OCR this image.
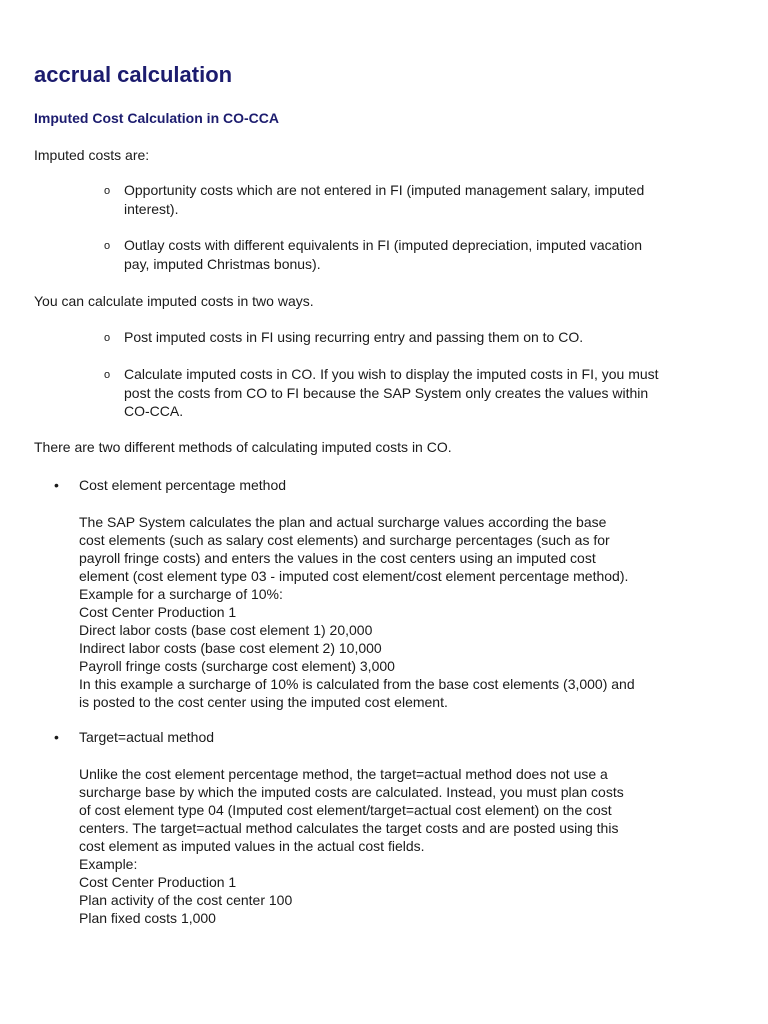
accrual calculation
Imputed Cost Calculation in CO-CCA

Imputed costs are:

o Opportunity costs which are not entered in FI (imputed management salary, imputed interest).
o Outlay costs with different equivalents in FI (imputed depreciation, imputed vacation pay, imputed Christmas bonus).

You can calculate imputed costs in two ways.

o Post imputed costs in FI using recurring entry and passing them on to CO.
o Calculate imputed costs in CO. If you wish to display the imputed costs in FI, you must post the costs from CO to FI because the SAP System only creates the values within CO-CCA.

There are two different methods of calculating imputed costs in CO.

• Cost element percentage method
The SAP System calculates the plan and actual surcharge values according the base
cost elements (such as salary cost elements) and surcharge percentages (such as for
payroll fringe costs) and enters the values in the cost centers using an imputed cost
element (cost element type 03 - imputed cost element/cost element percentage method).
Example for a surcharge of 10%:
Cost Center Production 1
Direct labor costs (base cost element 1) 20,000
Indirect labor costs (base cost element 2) 10,000
Payroll fringe costs (surcharge cost element) 3,000
In this example a surcharge of 10% is calculated from the base cost elements (3,000) and
is posted to the cost center using the imputed cost element.
• Target=actual method
Unlike the cost element percentage method, the target=actual method does not use a
surcharge base by which the imputed costs are calculated. Instead, you must plan costs
of cost element type 04 (Imputed cost element/target=actual cost element) on the cost
centers. The target=actual method calculates the target costs and are posted using this
cost element as imputed values in the actual cost fields.
Example:
Cost Center Production 1
Plan activity of the cost center 100
Plan fixed costs 1,000
